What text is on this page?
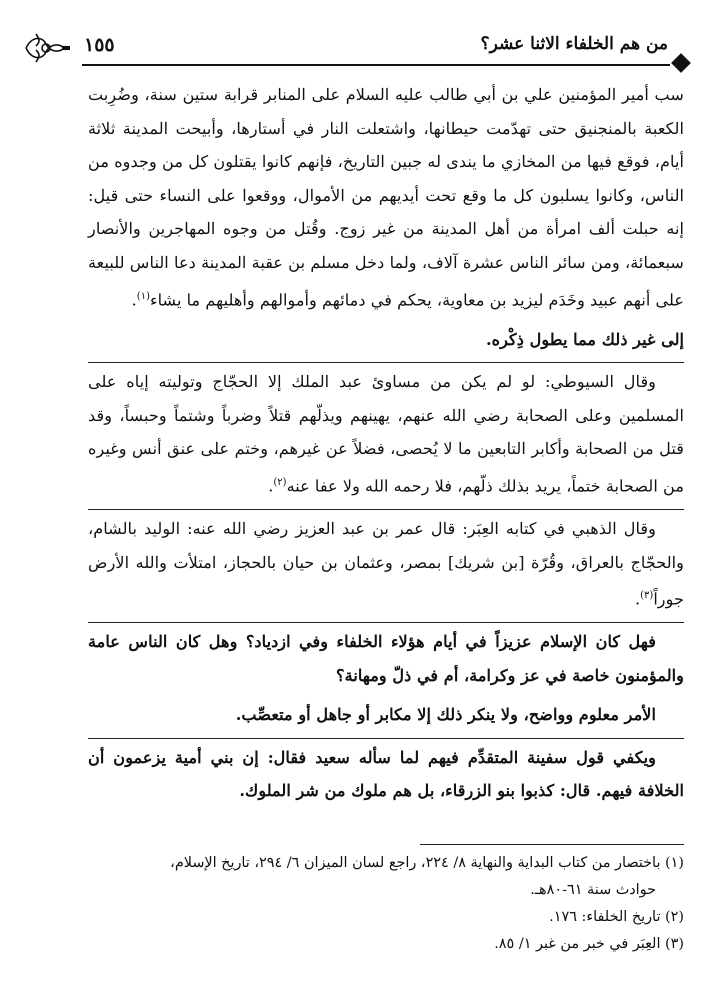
١٥٥	من هم الخلفاء الاثنا عشر؟

سب أمير المؤمنين علي بن أبي طالب عليه السلام على المنابر قرابة ستين سنة، وضُرِبت الكعبة بالمنجنيق حتى تهدّمت حيطانها، واشتعلت النار في أستارها، وأبيحت المدينة ثلاثة أيام، فوقع فيها من المخازي ما يندى له جبين التاريخ، فإنهم كانوا يقتلون كل من وجدوه من الناس، وكانوا يسلبون كل ما وقع تحت أيديهم من الأموال، ووقعوا على النساء حتى قيل: إنه حبلت ألف امرأة من أهل المدينة من غير زوج. وقُتل من وجوه المهاجرين والأنصار سبعمائة، ومن سائر الناس عشرة آلاف، ولما دخل مسلم بن عقبة المدينة دعا الناس للبيعة على أنهم عبيد وخَدَم ليزيد بن معاوية، يحكم في دمائهم وأموالهم وأهليهم ما يشاء$^{(١)}$.

إلى غير ذلك مما يطول ذِكْره.

وقال السيوطي: لو لم يكن من مساوئ عبد الملك إلا الحجّاج وتوليته إياه على المسلمين وعلى الصحابة رضي الله عنهم، يهينهم ويذلّهم قتلاً وضرباً وشتماً وحبساً، وقد قتل من الصحابة وأكابر التابعين ما لا يُحصى، فضلاً عن غيرهم، وختم على عنق أنس وغيره من الصحابة ختماً، يريد بذلك ذلّهم، فلا رحمه الله ولا عفا عنه$^{(٢)}$.

وقال الذهبي في كتابه العِبَر: قال عمر بن عبد العزيز رضي الله عنه: الوليد بالشام، والحجّاج بالعراق، وقُرّة [بن شريك] بمصر، وعثمان بن حيان بالحجاز، امتلأت والله الأرض جوراً$^{(٣)}$.

فهل كان الإسلام عزيزاً في أيام هؤلاء الخلفاء وفي ازدياد؟ وهل كان الناس عامة والمؤمنون خاصة في عز وكرامة، أم في ذلّ ومهانة؟

الأمر معلوم وواضح، ولا ينكر ذلك إلا مكابر أو جاهل أو متعصِّب.

ويكفي قول سفينة المتقدِّم فيهم لما سأله سعيد فقال: إن بني أمية يزعمون أن الخلافة فيهم. قال: كذبوا بنو الزرقاء، بل هم ملوك من شر الملوك.

(١) باختصار من كتاب البداية والنهاية ٨/ ٢٢٤، راجع لسان الميزان ٦/ ٢٩٤، تاريخ الإسلام،

حوادث سنة ٦١-٨٠هـ.

(٢) تاريخ الخلفاء: ١٧٦.

(٣) العِبَر في خبر من غبر ١/ ٨٥.
